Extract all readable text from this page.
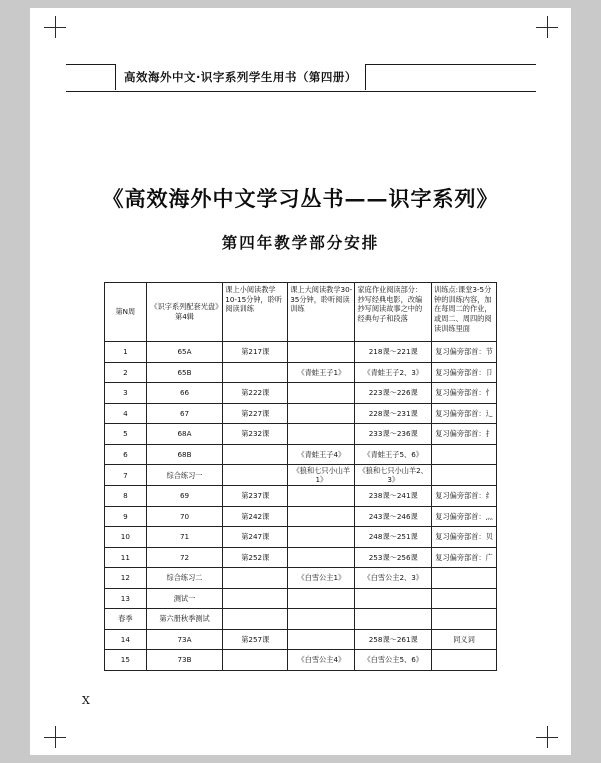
高效海外中文·识字系列学生用书（第四册）
《高效海外中文学习丛书——识字系列》
第四年教学部分安排
第N周	《识字系列配套光盘》第4辑	课上小阅读教学10-15分钟，聆听阅读训练	课上大阅读教学30-35分钟，聆听阅读训练	家庭作业阅读部分：抄写经典电影，改编抄写阅读故事之中的经典句子和段落	训练点:课堂3-5分钟的训练内容，加在每周二的作业，或周二、周四的阅读训练里面
1	65A	第217课		218课～221课	复习偏旁部首：节
2	65B		《青蛙王子1》	《青蛙王子2、3》	复习偏旁部首：卩
3	66	第222课		223课～226课	复习偏旁部首：忄
4	67	第227课		228课～231课	复习偏旁部首：辶
5	68A	第232课		233课～236课	复习偏旁部首：扌
6	68B		《青蛙王子4》	《青蛙王子5、6》	
7	综合练习一		《狼和七只小山羊1》	《狼和七只小山羊2、3》	
8	69	第237课		238课～241课	复习偏旁部首：纟
9	70	第242课		243课～246课	复习偏旁部首：灬
10	71	第247课		248课～251课	复习偏旁部首：贝
11	72	第252课		253课～256课	复习偏旁部首：广
12	综合练习二		《白雪公主1》	《白雪公主2、3》	
13	测试一				
春季	第六册秋季测试				
14	73A	第257课		258课～261课	同义词
15	73B		《白雪公主4》	《白雪公主5、6》	
X
